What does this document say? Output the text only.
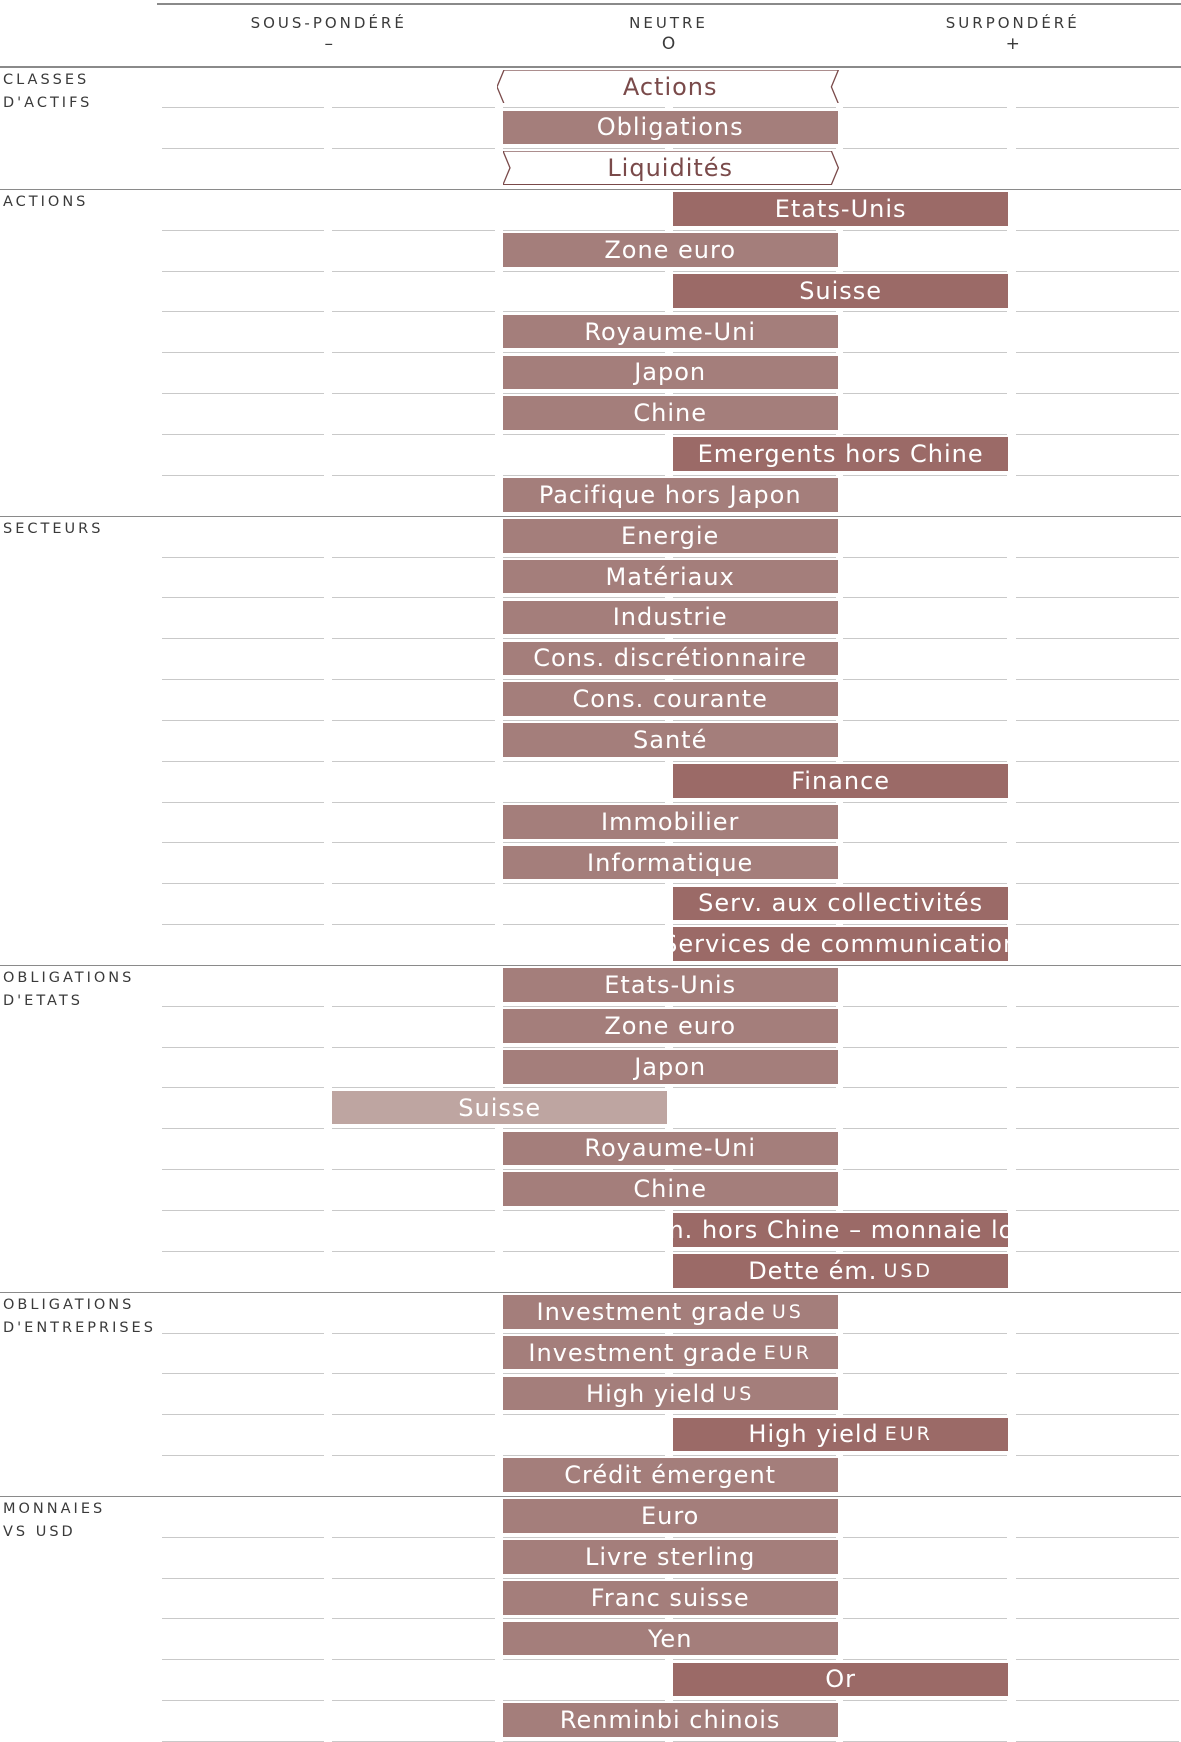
SOUS-PONDÉRÉ
–
NEUTRE
O
SURPONDÉRÉ
+
CLASSES
D'ACTIFS
Actions
Obligations
Liquidités
ACTIONS	Etats-Unis
Zone euro
Suisse
Royaume-Uni
Japon
Chine
Emergents hors Chine
Pacifique hors Japon
SECTEURS	Energie
Matériaux
Industrie
Cons. discrétionnaire
Cons. courante
Santé
Finance
Immobilier
Informatique
Serv. aux collectivités
Services de communication
OBLIGATIONS
D'ETATS
Etats-Unis
Zone euro
Japon
Suisse
Royaume-Uni
Chine
Em. hors Chine – monnaie loc.
Dette ém. USD
OBLIGATIONS
D'ENTREPRISES
Investment grade US
Investment grade EUR
High yield US
High yield EUR
Crédit émergent
MONNAIES
VS USD
Euro
Livre sterling
Franc suisse
Yen
Or
Renminbi chinois
